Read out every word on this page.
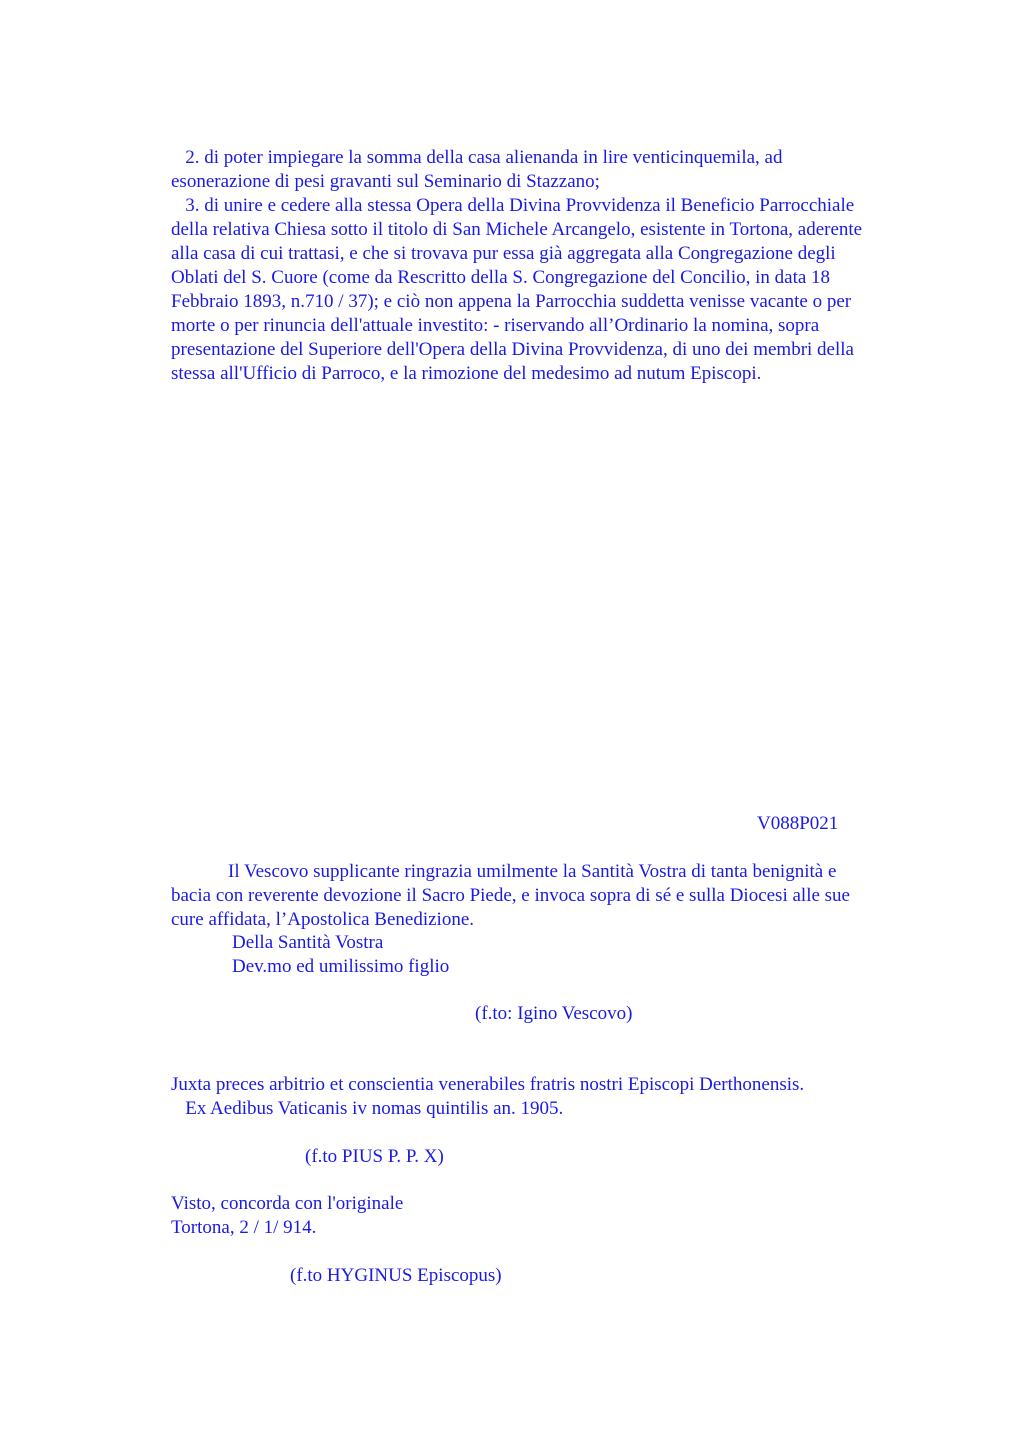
2. di poter impiegare la somma della casa alienanda in lire venticinquemila, ad
esonerazione di pesi gravanti sul Seminario di Stazzano;
3. di unire e cedere alla stessa Opera della Divina Provvidenza il Beneficio Parrocchiale
della relativa Chiesa sotto il titolo di San Michele Arcangelo, esistente in Tortona, aderente
alla casa di cui trattasi, e che si trovava pur essa già aggregata alla Congregazione degli
Oblati del S. Cuore (come da Rescritto della S. Congregazione del Concilio, in data 18
Febbraio 1893, n.710 / 37); e ciò non appena la Parrocchia suddetta venisse vacante o per
morte o per rinuncia dell'attuale investito: - riservando all’Ordinario la nomina, sopra
presentazione del Superiore dell'Opera della Divina Provvidenza, di uno dei membri della
stessa all'Ufficio di Parroco, e la rimozione del medesimo ad nutum Episcopi.

V088P021

Il Vescovo supplicante ringrazia umilmente la Santità Vostra di tanta benignità e
bacia con reverente devozione il Sacro Piede, e invoca sopra di sé e sulla Diocesi alle sue
cure affidata, l’Apostolica Benedizione.
Della Santità Vostra
Dev.mo ed umilissimo figlio

(f.to: Igino Vescovo)

Juxta preces arbitrio et conscientia venerabiles fratris nostri Episcopi Derthonensis.
Ex Aedibus Vaticanis iv nomas quintilis an. 1905.

(f.to PIUS P. P. X)

Visto, concorda con l'originale
Tortona, 2 / 1/ 914.

(f.to HYGINUS Episcopus)
